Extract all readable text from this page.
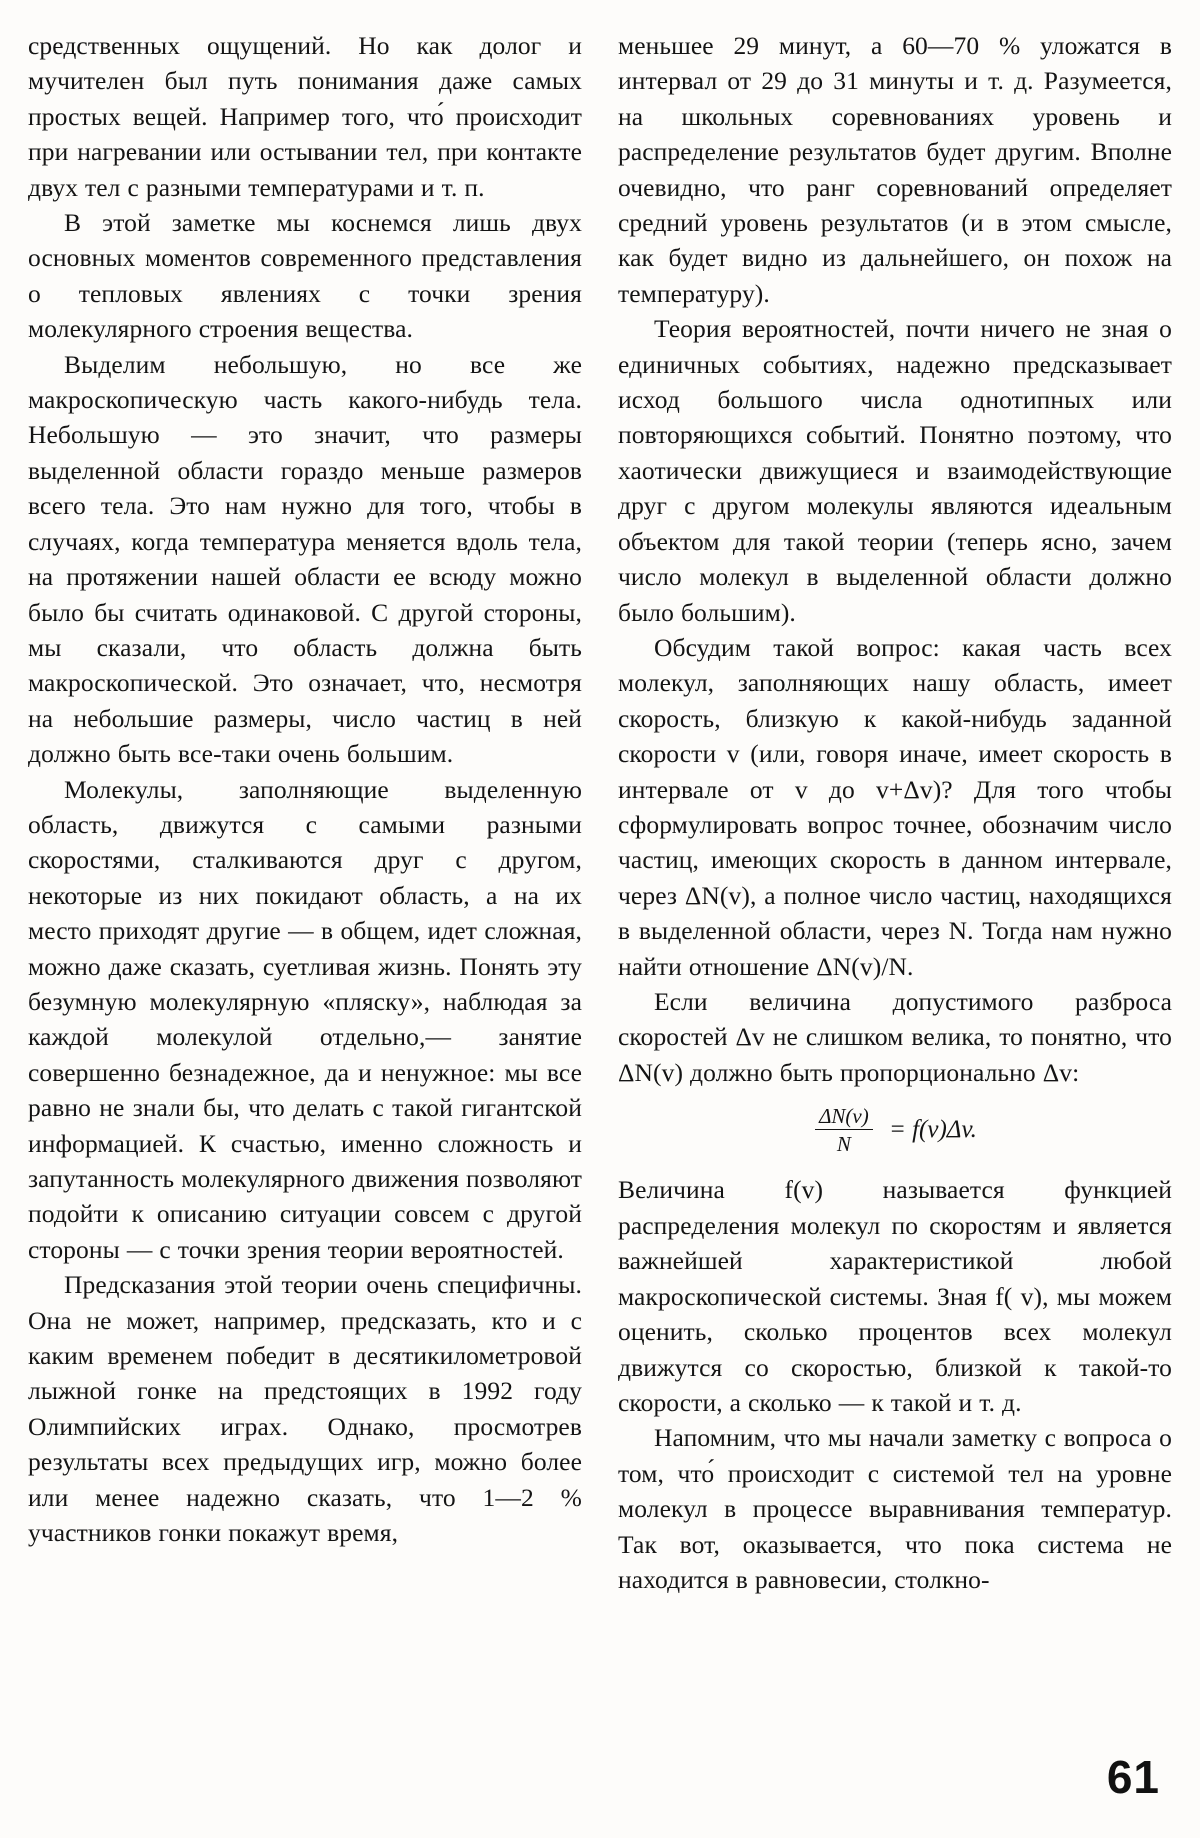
средственных ощущений. Но как долог и мучителен был путь понимания даже самых простых вещей. Например того, что́ происходит при нагревании или остывании тел, при контакте двух тел с разными температурами и т. п.

В этой заметке мы коснемся лишь двух основных моментов современного представления о тепловых явлениях с точки зрения молекулярного строения вещества.

Выделим небольшую, но все же макроскопическую часть какого-нибудь тела. Небольшую — это значит, что размеры выделенной области гораздо меньше размеров всего тела. Это нам нужно для того, чтобы в случаях, когда температура меняется вдоль тела, на протяжении нашей области ее всюду можно было бы считать одинаковой. С другой стороны, мы сказали, что область должна быть макроскопической. Это означает, что, несмотря на небольшие размеры, число частиц в ней должно быть все-таки очень большим.

Молекулы, заполняющие выделенную область, движутся с самыми разными скоростями, сталкиваются друг с другом, некоторые из них покидают область, а на их место приходят другие — в общем, идет сложная, можно даже сказать, суетливая жизнь. Понять эту безумную молекулярную «пляску», наблюдая за каждой молекулой отдельно,— занятие совершенно безнадежное, да и ненужное: мы все равно не знали бы, что делать с такой гигантской информацией. К счастью, именно сложность и запутанность молекулярного движения позволяют подойти к описанию ситуации совсем с другой стороны — с точки зрения теории вероятностей.

Предсказания этой теории очень специфичны. Она не может, например, предсказать, кто и с каким временем победит в десятикилометровой лыжной гонке на предстоящих в 1992 году Олимпийских играх. Однако, просмотрев результаты всех предыдущих игр, можно более или менее надежно сказать, что 1—2 % участников гонки покажут время,

меньшее 29 минут, а 60—70 % уложатся в интервал от 29 до 31 минуты и т. д. Разумеется, на школьных соревнованиях уровень и распределение результатов будет другим. Вполне очевидно, что ранг соревнований определяет средний уровень результатов (и в этом смысле, как будет видно из дальнейшего, он похож на температуру).

Теория вероятностей, почти ничего не зная о единичных событиях, надежно предсказывает исход большого числа однотипных или повторяющихся событий. Понятно поэтому, что хаотически движущиеся и взаимодействующие друг с другом молекулы являются идеальным объектом для такой теории (теперь ясно, зачем число молекул в выделенной области должно было большим).

Обсудим такой вопрос: какая часть всех молекул, заполняющих нашу область, имеет скорость, близкую к какой-нибудь заданной скорости v (или, говоря иначе, имеет скорость в интервале от v до v+Δv)? Для того чтобы сформулировать вопрос точнее, обозначим число частиц, имеющих скорость в данном интервале, через ΔN(v), а полное число частиц, находящихся в выделенной области, через N. Тогда нам нужно найти отношение ΔN(v)/N.

Если величина допустимого разброса скоростей Δv не слишком велика, то понятно, что ΔN(v) должно быть пропорционально Δv:

$\frac{\Delta N(v)}{N} = f(v)\Delta v$.

Величина f(v) называется функцией распределения молекул по скоростям и является важнейшей характеристикой любой макроскопической системы. Зная f( v), мы можем оценить, сколько процентов всех молекул движутся со скоростью, близкой к такой-то скорости, а сколько — к такой и т. д.

Напомним, что мы начали заметку с вопроса о том, что́ происходит с системой тел на уровне молекул в процессе выравнивания температур. Так вот, оказывается, что пока система не находится в равновесии, столкно-

61
